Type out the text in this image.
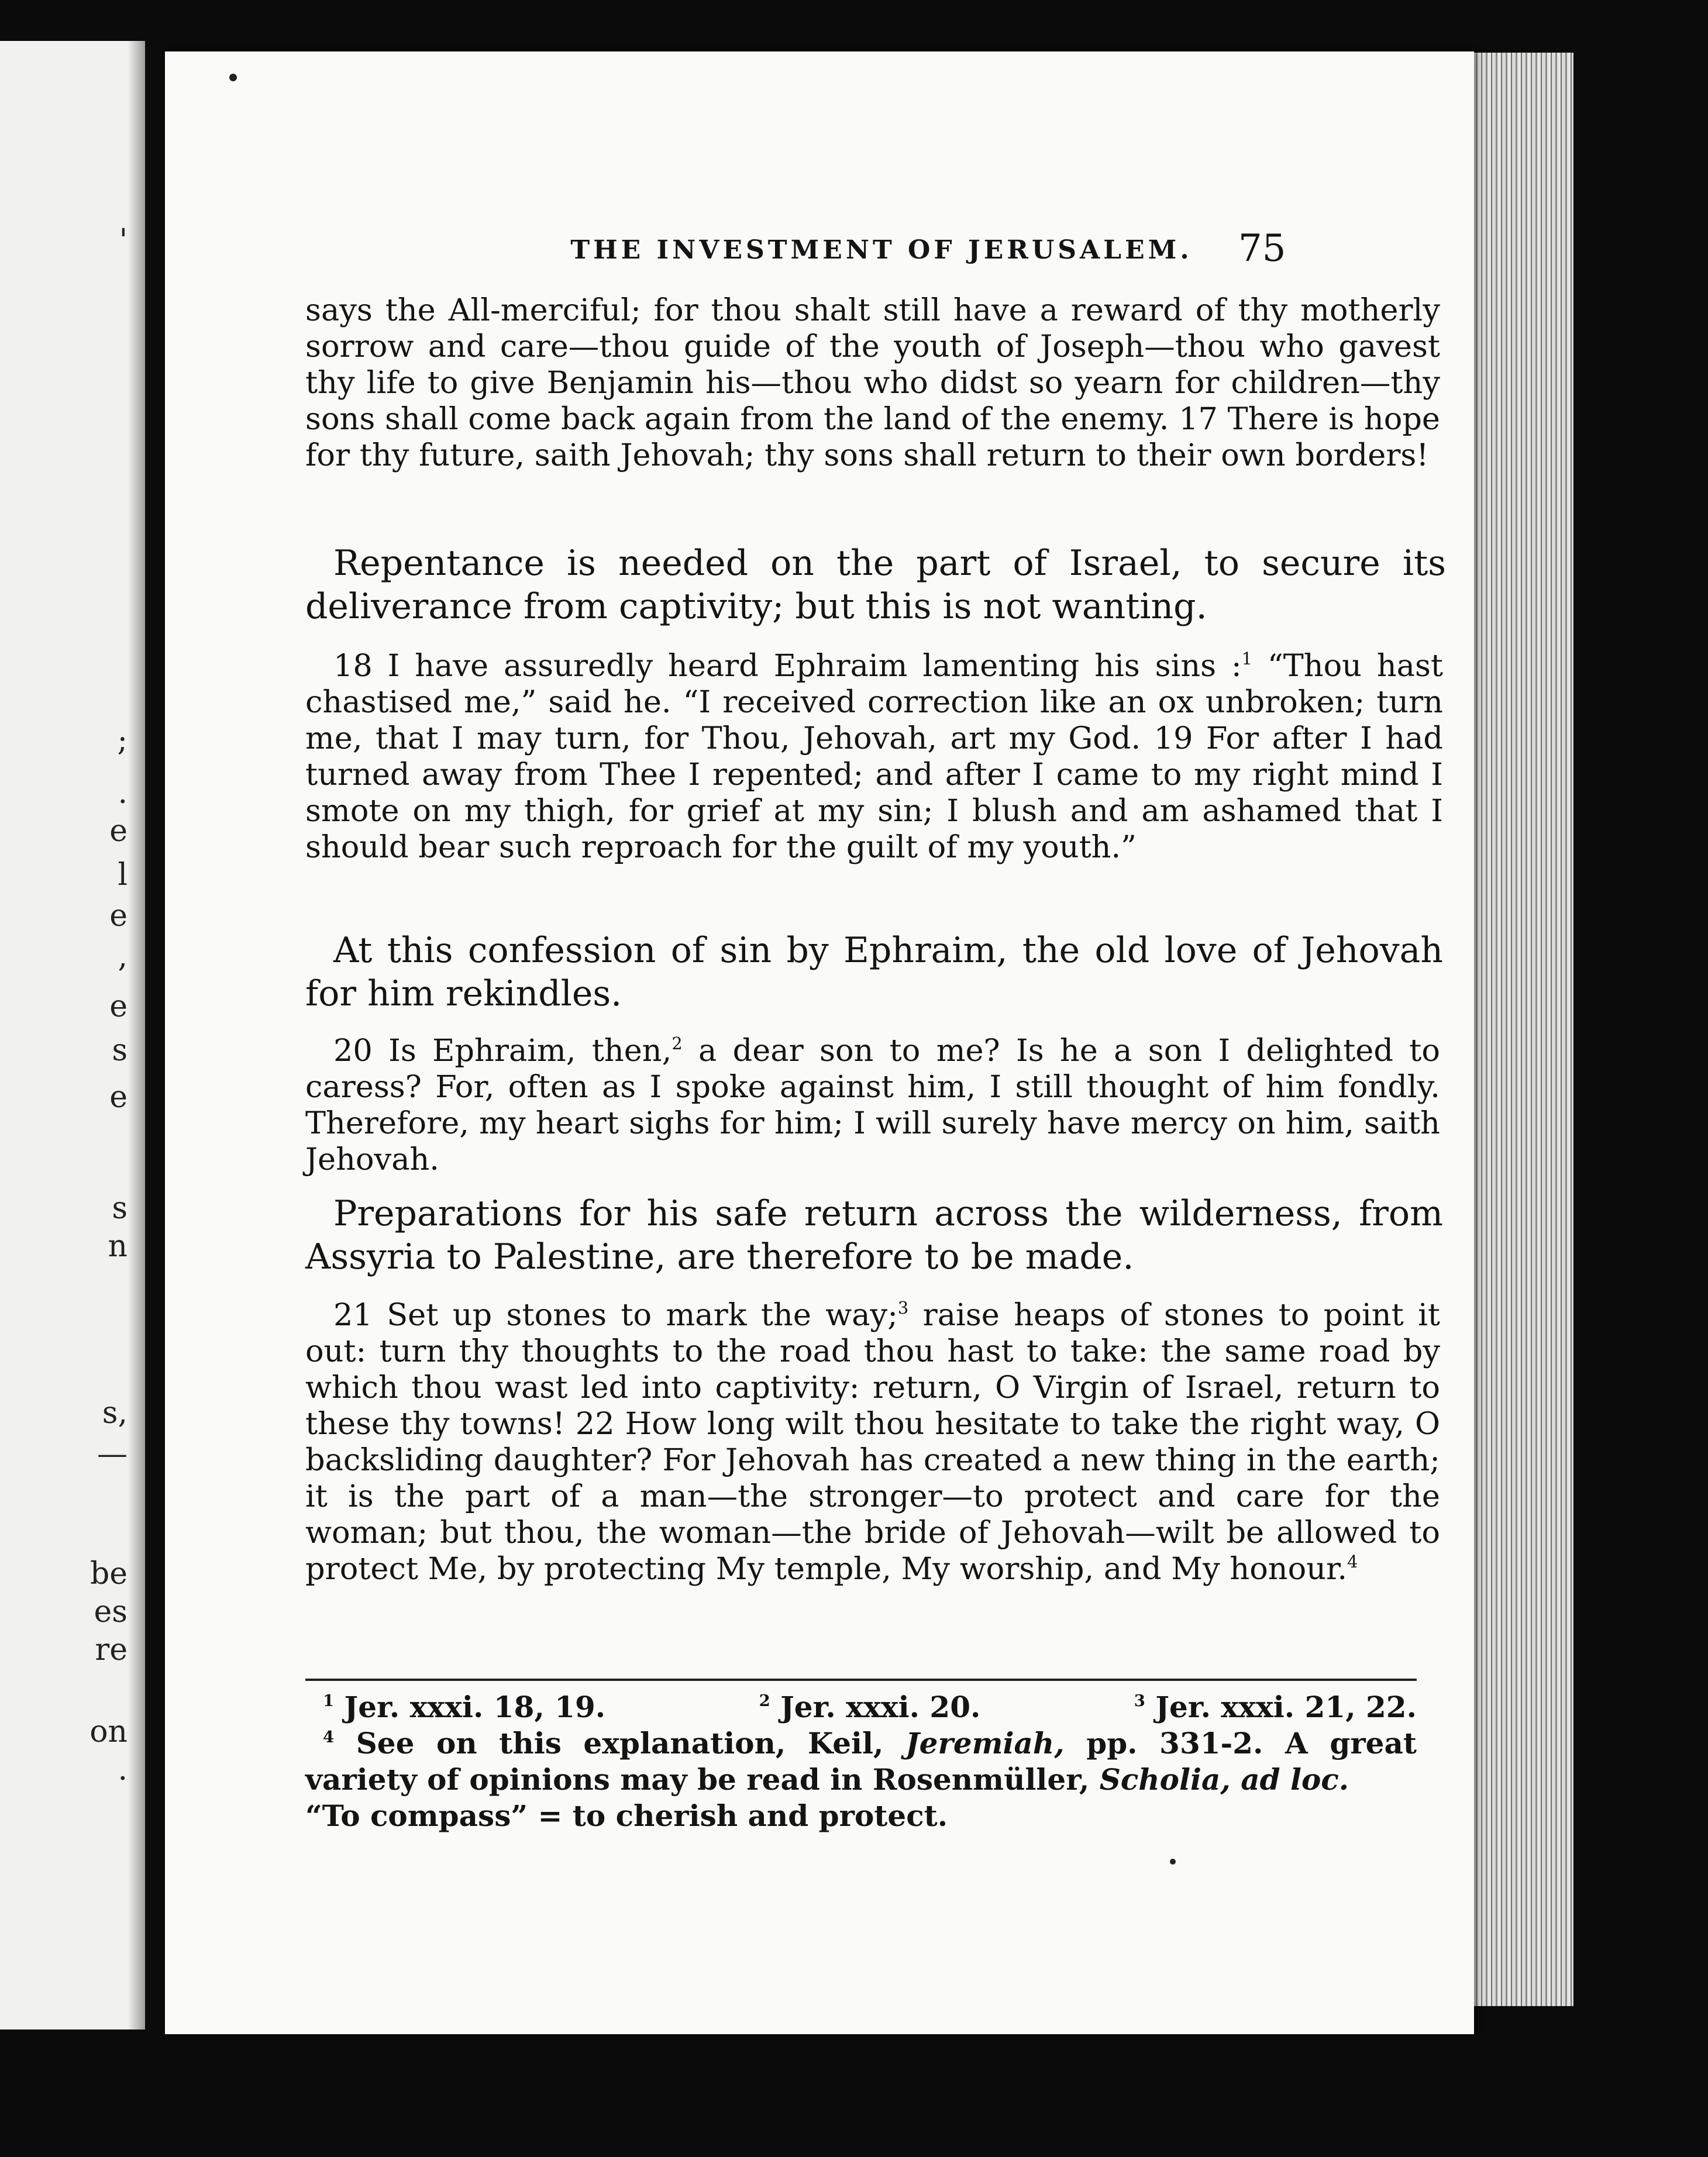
'
;
.
e
l
e
,
e
s
e
s
n
s,
—
be
es
re
on
.
THE INVESTMENT OF JERUSALEM.	75
says the All-merciful; for thou shalt still have a reward of thy motherly sorrow and care—thou guide of the youth of Joseph—thou who gavest thy life to give Benjamin his—thou who didst so yearn for children—thy sons shall come back again from the land of the enemy. 17 There is hope for thy future, saith Jehovah; thy sons shall return to their own borders!
Repentance is needed on the part of Israel, to secure its deliverance from captivity; but this is not wanting.
18 I have assuredly heard Ephraim lamenting his sins :$^1$ “Thou hast chastised me,” said he. “I received correction like an ox unbroken; turn me, that I may turn, for Thou, Jehovah, art my God. 19 For after I had turned away from Thee I repented; and after I came to my right mind I smote on my thigh, for grief at my sin; I blush and am ashamed that I should bear such reproach for the guilt of my youth.”
At this confession of sin by Ephraim, the old love of Jehovah for him rekindles.
20 Is Ephraim, then,$^2$ a dear son to me? Is he a son I delighted to caress? For, often as I spoke against him, I still thought of him fondly. Therefore, my heart sighs for him; I will surely have mercy on him, saith Jehovah.
Preparations for his safe return across the wilderness, from Assyria to Palestine, are therefore to be made.
21 Set up stones to mark the way;$^3$ raise heaps of stones to point it out: turn thy thoughts to the road thou hast to take: the same road by which thou wast led into captivity: return, O Virgin of Israel, return to these thy towns! 22 How long wilt thou hesitate to take the right way, O backsliding daughter? For Jehovah has created a new thing in the earth; it is the part of a man—the stronger—to protect and care for the woman; but thou, the woman—the bride of Jehovah—wilt be allowed to protect Me, by protecting My temple, My worship, and My honour.$^4$
$^1$ Jer. xxxi. 18, 19.	$^2$ Jer. xxxi. 20.	$^3$ Jer. xxxi. 21, 22.
$^4$ See on this explanation, Keil, Jeremiah, pp. 331-2. A great variety of opinions may be read in Rosenmüller, Scholia, ad loc.
“To compass” = to cherish and protect.
